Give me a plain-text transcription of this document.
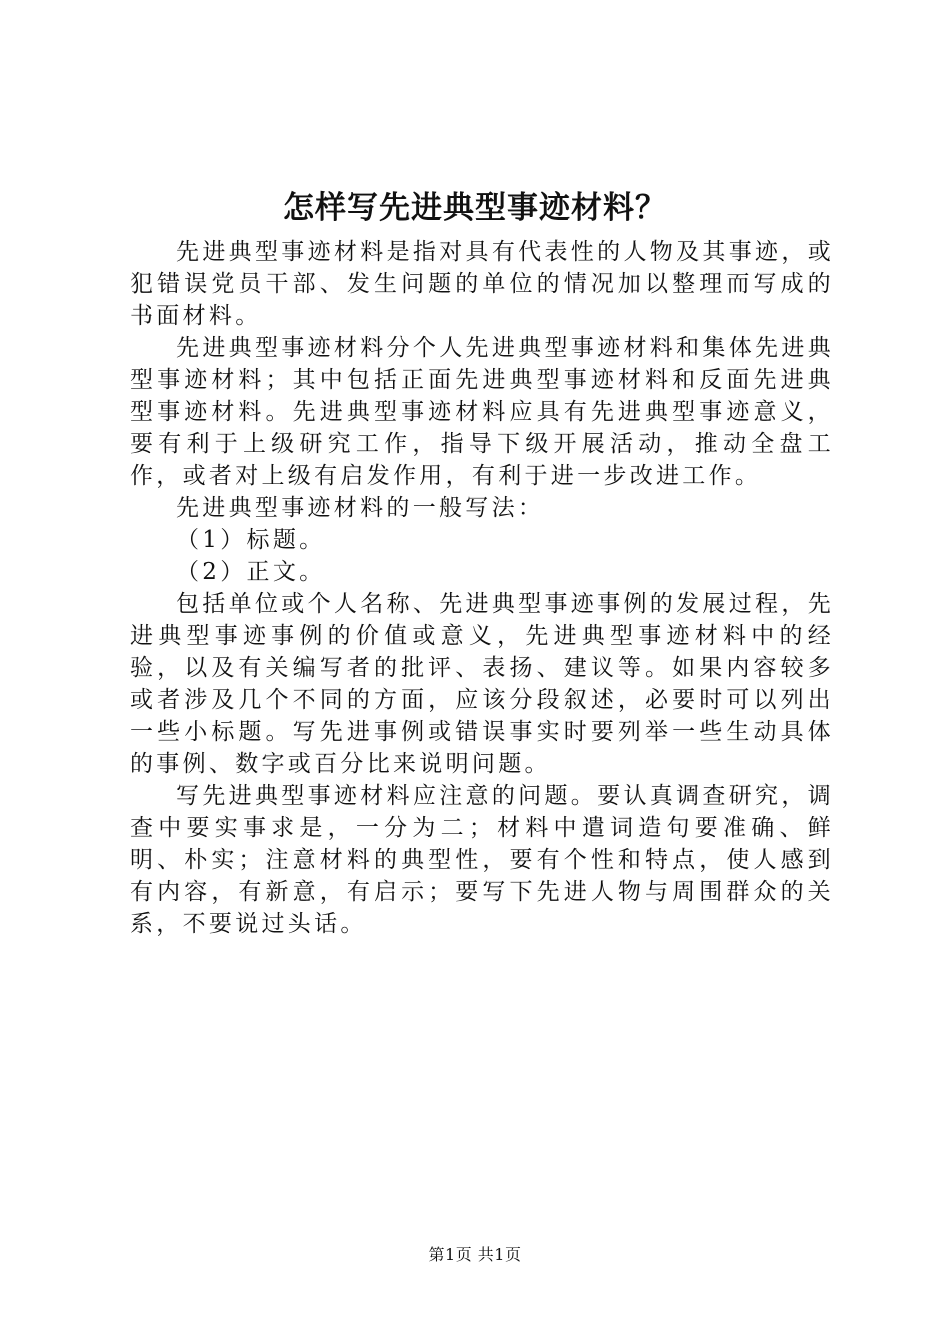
怎样写先进典型事迹材料？

先进典型事迹材料是指对具有代表性的人物及其事迹，或犯错误党员干部、发生问题的单位的情况加以整理而写成的书面材料。

先进典型事迹材料分个人先进典型事迹材料和集体先进典型事迹材料；其中包括正面先进典型事迹材料和反面先进典型事迹材料。先进典型事迹材料应具有先进典型事迹意义，要有利于上级研究工作，指导下级开展活动，推动全盘工作，或者对上级有启发作用，有利于进一步改进工作。

先进典型事迹材料的一般写法：

（1）标题。

（2）正文。

包括单位或个人名称、先进典型事迹事例的发展过程，先进典型事迹事例的价值或意义，先进典型事迹材料中的经验，以及有关编写者的批评、表扬、建议等。如果内容较多或者涉及几个不同的方面，应该分段叙述，必要时可以列出一些小标题。写先进事例或错误事实时要列举一些生动具体的事例、数字或百分比来说明问题。

写先进典型事迹材料应注意的问题。要认真调查研究，调查中要实事求是，一分为二；材料中遣词造句要准确、鲜明、朴实；注意材料的典型性，要有个性和特点，使人感到有内容，有新意，有启示；要写下先进人物与周围群众的关系，不要说过头话。

第1页 共1页
